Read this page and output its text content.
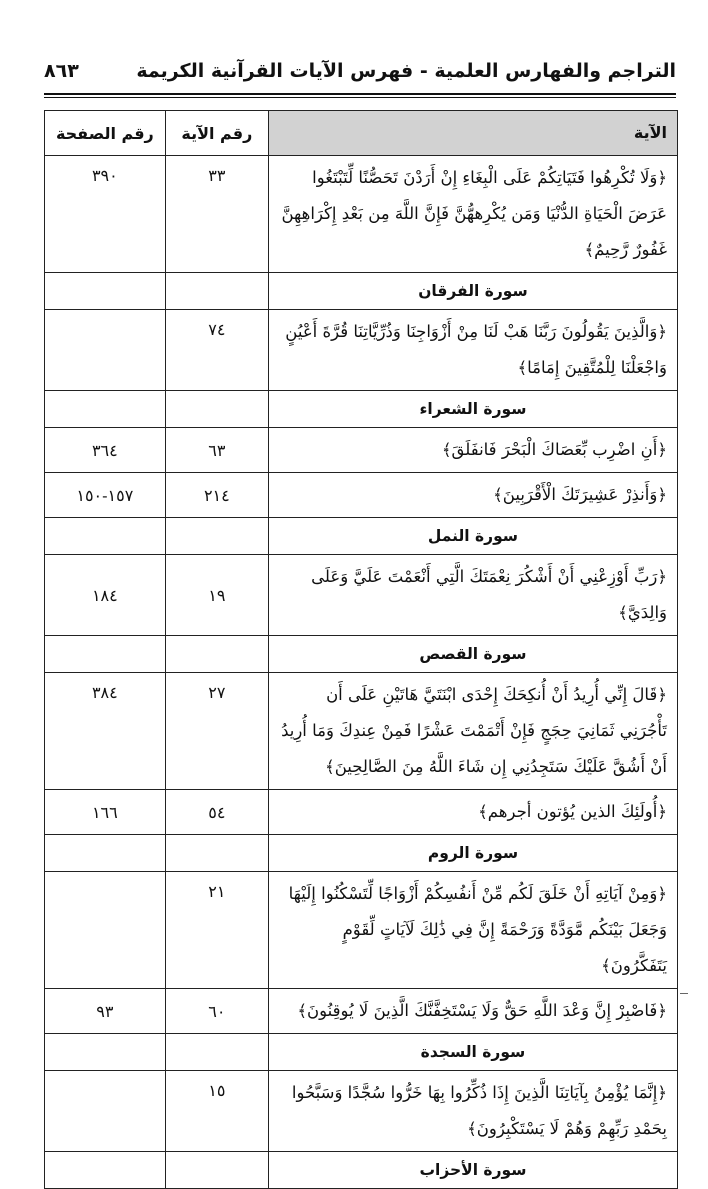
التراجم والفهارس العلمية - فهرس الآيات القرآنية الكريمة
٨٦٣
الآية	رقم الآية	رقم الصفحة
﴿وَلَا تُكْرِهُوا فَتَيَاتِكُمْ عَلَى الْبِغَاءِ إِنْ أَرَدْنَ تَحَصُّنًا لِّتَبْتَغُوا عَرَضَ الْحَيَاةِ الدُّنْيَا وَمَن يُكْرِههُّنَّ فَإِنَّ اللَّهَ مِن بَعْدِ إِكْرَاهِهِنَّ غَفُورٌ رَّحِيمٌ﴾	٣٣	٣٩٠
سورة الفرقان		
﴿وَالَّذِينَ يَقُولُونَ رَبَّنَا هَبْ لَنَا مِنْ أَزْوَاجِنَا وَذُرِّيَّاتِنَا قُرَّةَ أَعْيُنٍ وَاجْعَلْنَا لِلْمُتَّقِينَ إِمَامًا﴾	٧٤	
سورة الشعراء		
﴿أَنِ اضْرِب بِّعَصَاكَ الْبَحْرَ فَانفَلَقَ﴾	٦٣	٣٦٤
﴿وَأَنذِرْ عَشِيرَتَكَ الْأَقْرَبِينَ﴾	٢١٤	١٥٧-١٥٠
سورة النمل		
﴿رَبِّ أَوْزِعْنِي أَنْ أَشْكُرَ نِعْمَتَكَ الَّتِي أَنْعَمْتَ عَلَيَّ وَعَلَى وَالِدَيَّ﴾	١٩	١٨٤
سورة القصص		
﴿قَالَ إِنِّي أُرِيدُ أَنْ أُنكِحَكَ إِحْدَى ابْنَتَيَّ هَاتَيْنِ عَلَى أَن تَأْجُرَنِي ثَمَانِيَ حِجَجٍ فَإِنْ أَتْمَمْتَ عَشْرًا فَمِنْ عِندِكَ وَمَا أُرِيدُ أَنْ أَشُقَّ عَلَيْكَ سَتَجِدُنِي إِن شَاءَ اللَّهُ مِنَ الصَّالِحِينَ﴾	٢٧	٣٨٤
﴿أُولَئِكَ الذين يُؤتون أجرهم﴾	٥٤	١٦٦
سورة الروم		
﴿وَمِنْ آيَاتِهِ أَنْ خَلَقَ لَكُم مِّنْ أَنفُسِكُمْ أَزْوَاجًا لِّتَسْكُنُوا إِلَيْهَا وَجَعَلَ بَيْنَكُم مَّوَدَّةً وَرَحْمَةً إِنَّ فِي ذَٰلِكَ لَآيَاتٍ لِّقَوْمٍ يَتَفَكَّرُونَ﴾	٢١	
﴿فَاصْبِرْ إِنَّ وَعْدَ اللَّهِ حَقٌّ وَلَا يَسْتَخِفَّنَّكَ الَّذِينَ لَا يُوقِنُونَ﴾	٦٠	٩٣
سورة السجدة		
﴿إِنَّمَا يُؤْمِنُ بِآيَاتِنَا الَّذِينَ إِذَا ذُكِّرُوا بِهَا خَرُّوا سُجَّدًا وَسَبَّحُوا بِحَمْدِ رَبِّهِمْ وَهُمْ لَا يَسْتَكْبِرُونَ﴾	١٥	
سورة الأحزاب		
